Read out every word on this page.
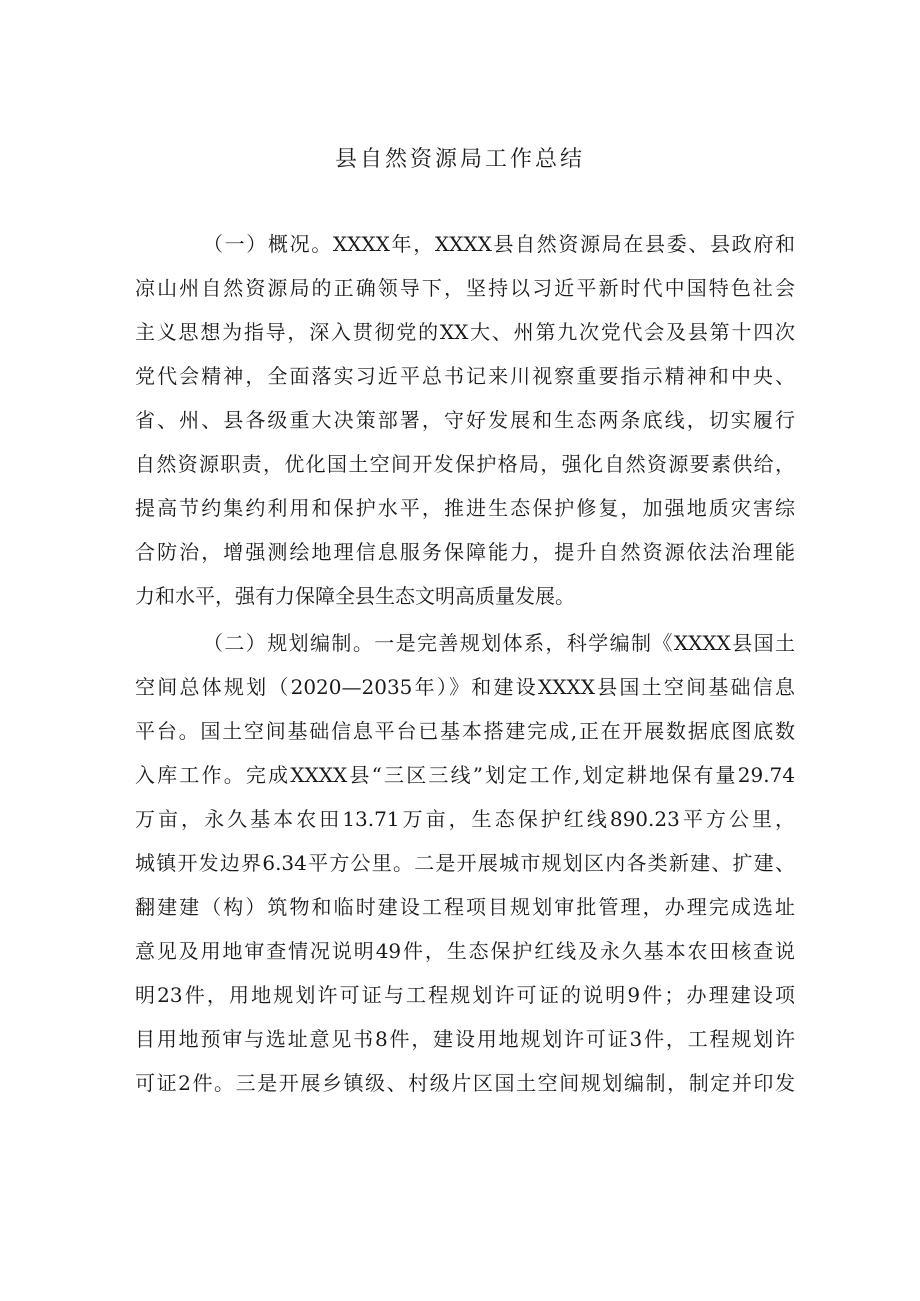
县自然资源局工作总结
（一）概况。XXXX年，XXXX县自然资源局在县委、县政府和
凉山州自然资源局的正确领导下，坚持以习近平新时代中国特色社会
主义思想为指导，深入贯彻党的XX大、州第九次党代会及县第十四次
党代会精神，全面落实习近平总书记来川视察重要指示精神和中央、
省、州、县各级重大决策部署，守好发展和生态两条底线，切实履行
自然资源职责，优化国土空间开发保护格局，强化自然资源要素供给，
提高节约集约利用和保护水平，推进生态保护修复，加强地质灾害综
合防治，增强测绘地理信息服务保障能力，提升自然资源依法治理能
力和水平，强有力保障全县生态文明高质量发展。
（二）规划编制。一是完善规划体系，科学编制《XXXX县国土
空间总体规划（2020—2035年）》和建设XXXX县国土空间基础信息
平台。国土空间基础信息平台已基本搭建完成,正在开展数据底图底数
入库工作。完成XXXX县“三区三线”划定工作,划定耕地保有量29.74
万亩，永久基本农田13.71万亩，生态保护红线890.23平方公里，
城镇开发边界6.34平方公里。二是开展城市规划区内各类新建、扩建、
翻建建（构）筑物和临时建设工程项目规划审批管理，办理完成选址
意见及用地审查情况说明49件，生态保护红线及永久基本农田核查说
明23件，用地规划许可证与工程规划许可证的说明9件；办理建设项
目用地预审与选址意见书8件，建设用地规划许可证3件，工程规划许
可证2件。三是开展乡镇级、村级片区国土空间规划编制，制定并印发
